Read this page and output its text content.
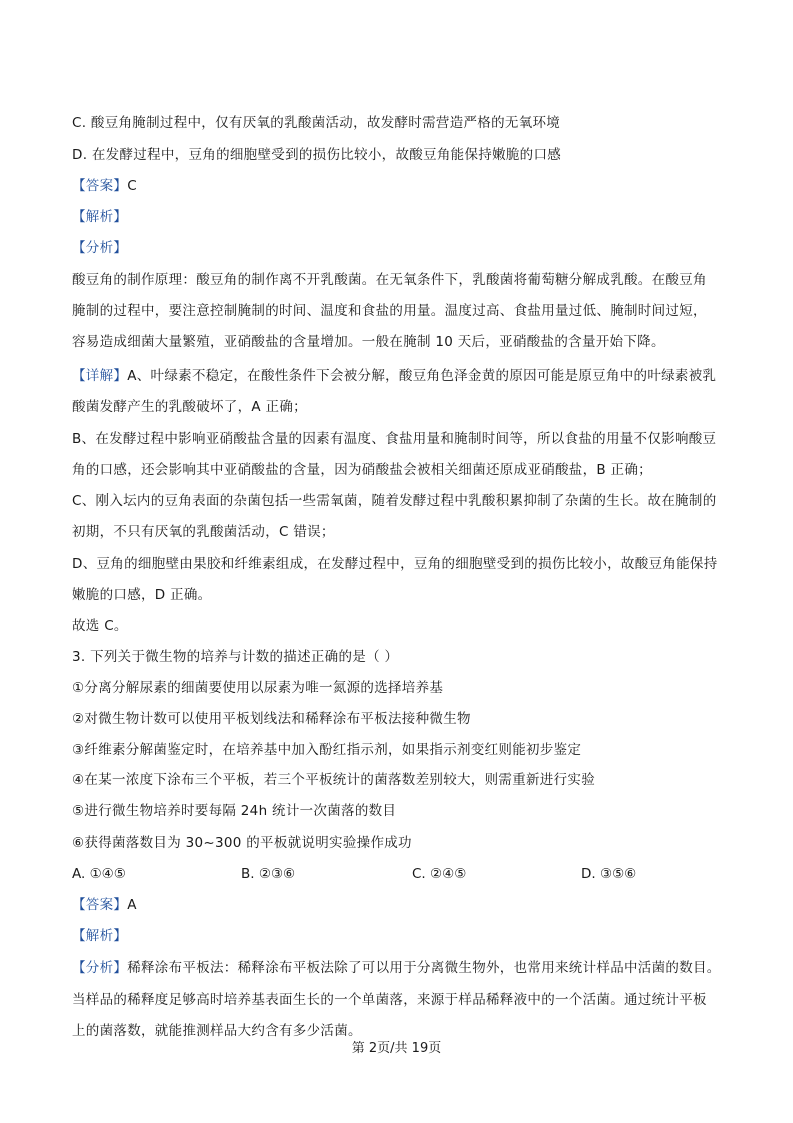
C. 酸豆角腌制过程中，仅有厌氧的乳酸菌活动，故发酵时需营造严格的无氧环境
D. 在发酵过程中，豆角的细胞壁受到的损伤比较小，故酸豆角能保持嫩脆的口感
【答案】C
【解析】
【分析】
酸豆角的制作原理：酸豆角的制作离不开乳酸菌。在无氧条件下，乳酸菌将葡萄糖分解成乳酸。在酸豆角
腌制的过程中，要注意控制腌制的时间、温度和食盐的用量。温度过高、食盐用量过低、腌制时间过短，
容易造成细菌大量繁殖，亚硝酸盐的含量增加。一般在腌制 10 天后，亚硝酸盐的含量开始下降。
【详解】A、叶绿素不稳定，在酸性条件下会被分解，酸豆角色泽金黄的原因可能是原豆角中的叶绿素被乳
酸菌发酵产生的乳酸破坏了，A 正确；
B、在发酵过程中影响亚硝酸盐含量的因素有温度、食盐用量和腌制时间等，所以食盐的用量不仅影响酸豆
角的口感，还会影响其中亚硝酸盐的含量，因为硝酸盐会被相关细菌还原成亚硝酸盐，B 正确；
C、刚入坛内的豆角表面的杂菌包括一些需氧菌，随着发酵过程中乳酸积累抑制了杂菌的生长。故在腌制的
初期，不只有厌氧的乳酸菌活动，C 错误；
D、豆角的细胞壁由果胶和纤维素组成，在发酵过程中，豆角的细胞壁受到的损伤比较小，故酸豆角能保持
嫩脆的口感，D 正确。
故选 C。
3. 下列关于微生物的培养与计数的描述正确的是（ ）
①分离分解尿素的细菌要使用以尿素为唯一氮源的选择培养基
②对微生物计数可以使用平板划线法和稀释涂布平板法接种微生物
③纤维素分解菌鉴定时，在培养基中加入酚红指示剂，如果指示剂变红则能初步鉴定
④在某一浓度下涂布三个平板，若三个平板统计的菌落数差别较大，则需重新进行实验
⑤进行微生物培养时要每隔 24h 统计一次菌落的数目
⑥获得菌落数目为 30~300 的平板就说明实验操作成功
A. ①④⑤	B. ②③⑥	C. ②④⑤	D. ③⑤⑥
【答案】A
【解析】
【分析】稀释涂布平板法：稀释涂布平板法除了可以用于分离微生物外，也常用来统计样品中活菌的数目。
当样品的稀释度足够高时培养基表面生长的一个单菌落，来源于样品稀释液中的一个活菌。通过统计平板
上的菌落数，就能推测样品大约含有多少活菌。
第 2页/共 19页
